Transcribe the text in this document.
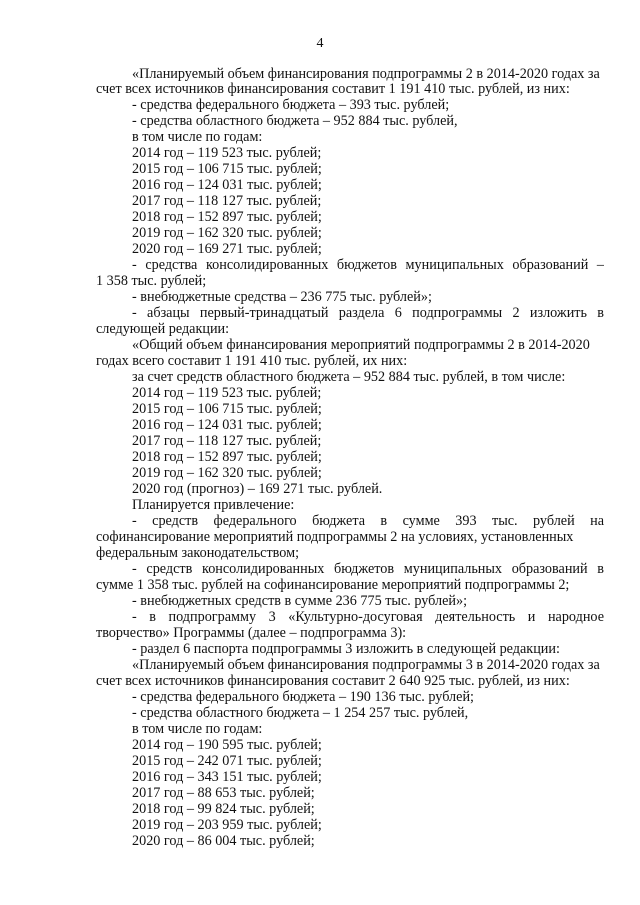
4
«Планируемый объем финансирования подпрограммы 2 в 2014-2020 годах за
счет всех источников финансирования составит 1 191 410 тыс. рублей, из них:
- средства федерального бюджета – 393 тыс. рублей;
- средства областного бюджета – 952 884 тыс. рублей,
в том числе по годам:
2014 год – 119 523 тыс. рублей;
2015 год – 106 715 тыс. рублей;
2016 год – 124 031 тыс. рублей;
2017 год – 118 127 тыс. рублей;
2018 год – 152 897 тыс. рублей;
2019 год – 162 320 тыс. рублей;
2020 год – 169 271 тыс. рублей;
- средства консолидированных бюджетов муниципальных образований –
1 358 тыс. рублей;
- внебюджетные средства – 236 775 тыс. рублей»;
- абзацы первый-тринадцатый раздела 6 подпрограммы 2 изложить в
следующей редакции:
«Общий объем финансирования мероприятий подпрограммы 2 в 2014-2020
годах всего составит 1 191 410 тыс. рублей, их них:
за счет средств областного бюджета – 952 884 тыс. рублей, в том числе:
2014 год – 119 523 тыс. рублей;
2015 год – 106 715 тыс. рублей;
2016 год – 124 031 тыс. рублей;
2017 год – 118 127 тыс. рублей;
2018 год – 152 897 тыс. рублей;
2019 год – 162 320 тыс. рублей;
2020 год (прогноз) – 169 271 тыс. рублей.
Планируется привлечение:
- средств федерального бюджета в сумме 393 тыс. рублей на
софинансирование мероприятий подпрограммы 2 на условиях, установленных
федеральным законодательством;
- средств консолидированных бюджетов муниципальных образований в
сумме 1 358 тыс. рублей на софинансирование мероприятий подпрограммы 2;
- внебюджетных средств в сумме 236 775 тыс. рублей»;
- в подпрограмму 3 «Культурно-досуговая деятельность и народное
творчество» Программы (далее – подпрограмма 3):
- раздел 6 паспорта подпрограммы 3 изложить в следующей редакции:
«Планируемый объем финансирования подпрограммы 3 в 2014-2020 годах за
счет всех источников финансирования составит 2 640 925 тыс. рублей, из них:
- средства федерального бюджета – 190 136 тыс. рублей;
- средства областного бюджета – 1 254 257 тыс. рублей,
в том числе по годам:
2014 год – 190 595 тыс. рублей;
2015 год – 242 071 тыс. рублей;
2016 год – 343 151 тыс. рублей;
2017 год – 88 653 тыс. рублей;
2018 год – 99 824 тыс. рублей;
2019 год – 203 959 тыс. рублей;
2020 год – 86 004 тыс. рублей;
